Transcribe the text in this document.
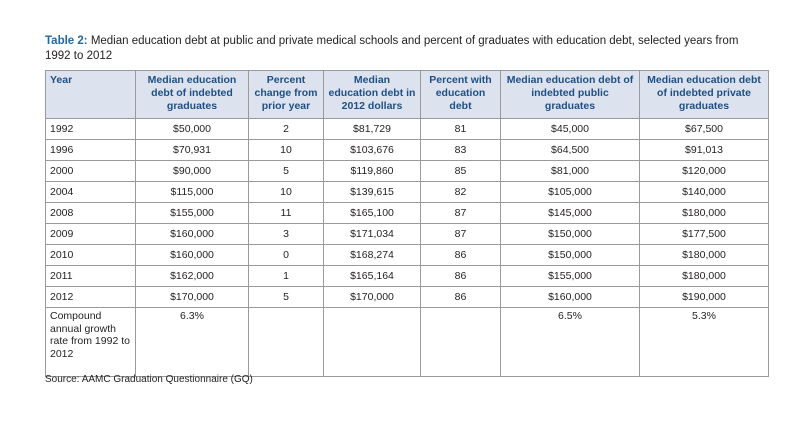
Table 2: Median education debt at public and private medical schools and percent of graduates with education debt, selected years from 1992 to 2012
Year	Median education debt of indebted graduates	Percent change from prior year	Median education debt in 2012 dollars	Percent with education debt	Median education debt of indebted public graduates	Median education debt of indebted private graduates
1992	$50,000	2	$81,729	81	$45,000	$67,500
1996	$70,931	10	$103,676	83	$64,500	$91,013
2000	$90,000	5	$119,860	85	$81,000	$120,000
2004	$115,000	10	$139,615	82	$105,000	$140,000
2008	$155,000	11	$165,100	87	$145,000	$180,000
2009	$160,000	3	$171,034	87	$150,000	$177,500
2010	$160,000	0	$168,274	86	$150,000	$180,000
2011	$162,000	1	$165,164	86	$155,000	$180,000
2012	$170,000	5	$170,000	86	$160,000	$190,000
Compound annual growth rate from 1992 to 2012	6.3%				6.5%	5.3%
Source: AAMC Graduation Questionnaire (GQ)
